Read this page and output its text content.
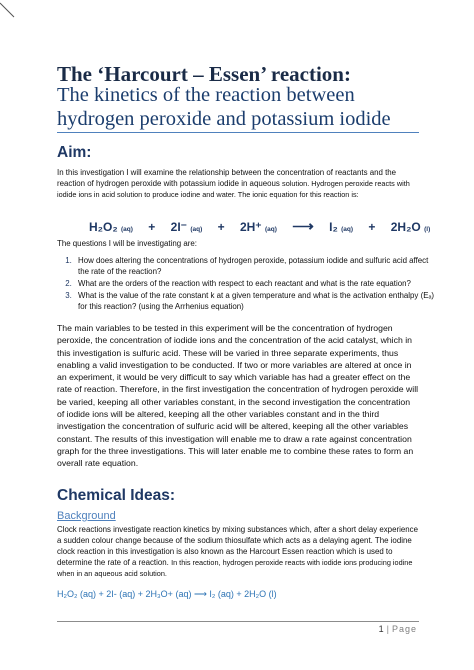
The ‘Harcourt – Essen’ reaction:
The kinetics of the reaction between hydrogen peroxide and potassium iodide
Aim:
In this investigation I will examine the relationship between the concentration of reactants and the reaction of hydrogen peroxide with potassium iodide in aqueous solution. Hydrogen peroxide reacts with iodide ions in acid solution to produce iodine and water. The ionic equation for this reaction is:
H₂O₂ (aq) + 2I⁻ (aq) + 2H⁺ (aq) ⟶ I₂ (aq) + 2H₂O (l)
The questions I will be investigating are:
1. How does altering the concentrations of hydrogen peroxide, potassium iodide and sulfuric acid affect the rate of the reaction?
2. What are the orders of the reaction with respect to each reactant and what is the rate equation?
3. What is the value of the rate constant k at a given temperature and what is the activation enthalpy (Eₐ) for this reaction? (using the Arrhenius equation)
The main variables to be tested in this experiment will be the concentration of hydrogen peroxide, the concentration of iodide ions and the concentration of the acid catalyst, which in this investigation is sulfuric acid. These will be varied in three separate experiments, thus enabling a valid investigation to be conducted. If two or more variables are altered at once in an experiment, it would be very difficult to say which variable has had a greater effect on the rate of reaction. Therefore, in the first investigation the concentration of hydrogen peroxide will be varied, keeping all other variables constant, in the second investigation the concentration of iodide ions will be altered, keeping all the other variables constant and in the third investigation the concentration of sulfuric acid will be altered, keeping all the other variables constant. The results of this investigation will enable me to draw a rate against concentration graph for the three investigations. This will later enable me to combine these rates to form an overall rate equation.
Chemical Ideas:
Background
Clock reactions investigate reaction kinetics by mixing substances which, after a short delay experience a sudden colour change because of the sodium thiosulfate which acts as a delaying agent. The iodine clock reaction in this investigation is also known as the Harcourt Essen reaction which is used to determine the rate of a reaction. In this reaction, hydrogen peroxide reacts with iodide ions producing iodine when in an aqueous acid solution.
H₂O₂ (aq) + 2I- (aq) + 2H₃O+ (aq) ⟶ I₂ (aq) + 2H₂O (l)
1 | Page
